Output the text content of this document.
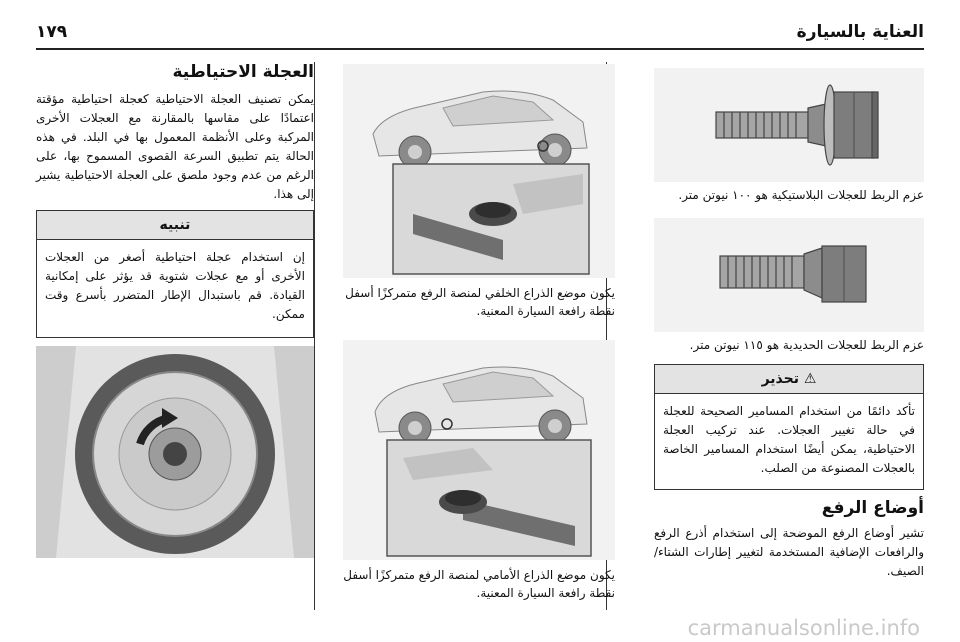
العناية بالسيارة
١٧٩
عزم الربط للعجلات البلاستيكية هو ١٠٠ نيوتن متر.
عزم الربط للعجلات الحديدية هو ١١٥ نيوتن متر.
⚠ تحذير
تأكد دائمًا من استخدام المسامير الصحيحة للعجلة في حالة تغيير العجلات. عند تركيب العجلة الاحتياطية، يمكن أيضًا استخدام المسامير الخاصة بالعجلات المصنوعة من الصلب.
أوضاع الرفع
تشير أوضاع الرفع الموضحة إلى استخدام أذرع الرفع والرافعات الإضافية المستخدمة لتغيير إطارات الشتاء/الصيف.
يكون موضع الذراع الخلفي لمنصة الرفع متمركزًا أسفل نقطة رافعة السيارة المعنية.
يكون موضع الذراع الأمامي لمنصة الرفع متمركزًا أسفل نقطة رافعة السيارة المعنية.
العجلة الاحتياطية
يمكن تصنيف العجلة الاحتياطية كعجلة احتياطية مؤقتة اعتمادًا على مقاسها بالمقارنة مع العجلات الأخرى المركبة وعلى الأنظمة المعمول بها في البلد. في هذه الحالة يتم تطبيق السرعة القصوى المسموح بها، على الرغم من عدم وجود ملصق على العجلة الاحتياطية يشير إلى هذا.
تنبيه
إن استخدام عجلة احتياطية أصغر من العجلات الأخرى أو مع عجلات شتوية قد يؤثر على إمكانية القيادة. قم باستبدال الإطار المتضرر بأسرع وقت ممكن.
carmanualsonline.info
